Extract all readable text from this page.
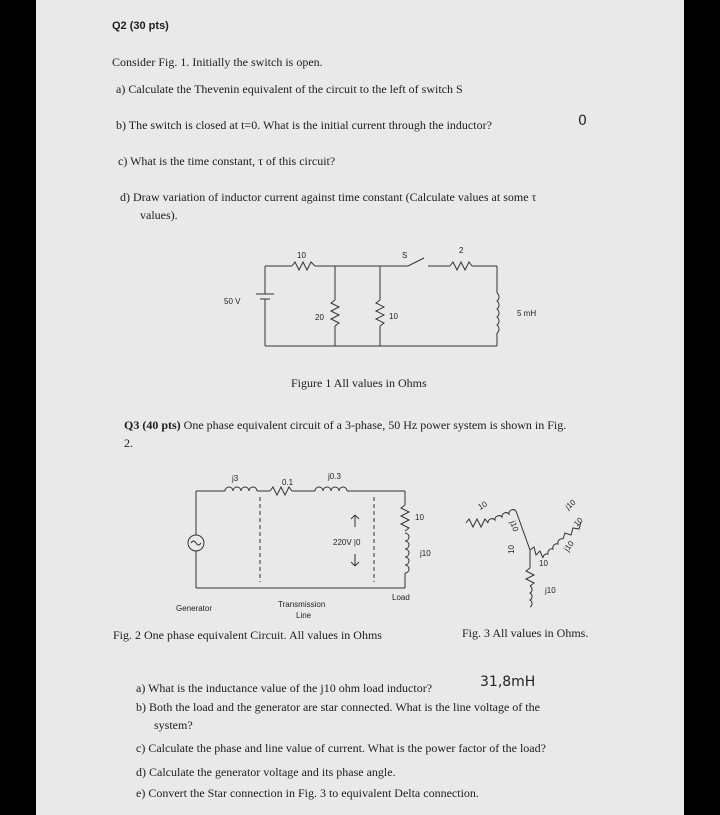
Q2 (30 pts)
Consider Fig. 1. Initially the switch is open.
a) Calculate the Thevenin equivalent of the circuit to the left of switch S
b) The switch is closed at t=0. What is the initial current through the inductor?	0
c) What is the time constant, τ of this circuit?
d) Draw variation of inductor current against time constant (Calculate values at some τ
values).
10
50 V
20	10
S
2
5 mH
j3	0.1
j0.3
220V |0
10
j10
Generator	Transmission
Line
Load
10
j10
10
j10
j10
10
10
j10
Figure 1 All values in Ohms
Q3 (40 pts) One phase equivalent circuit of a 3-phase, 50 Hz power system is shown in Fig.
2.
Fig. 2 One phase equivalent Circuit. All values in Ohms	Fig. 3 All values in Ohms.
a) What is the inductance value of the j10 ohm load inductor?	31,8mH
b) Both the load and the generator are star connected. What is the line voltage of the
system?
c) Calculate the phase and line value of current. What is the power factor of the load?
d) Calculate the generator voltage and its phase angle.
e) Convert the Star connection in Fig. 3 to equivalent Delta connection.
